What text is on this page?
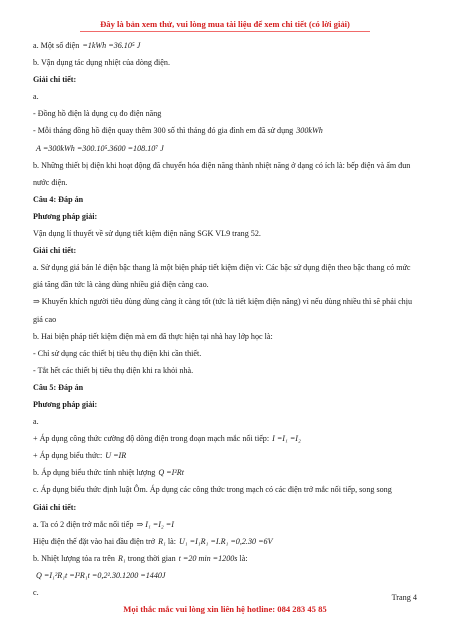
Đây là bản xem thử, vui lòng mua tài liệu để xem chi tiết (có lời giải)
a. Một số điện =1kWh =36.10⁵ J
b. Vận dụng tác dụng nhiệt của dòng điện.
Giải chi tiết:
a.
- Đồng hồ điện là dụng cụ đo điện năng
- Mỗi tháng đồng hồ điện quay thêm 300 số thì tháng đó gia đình em đã sử dụng 300kWh
A =300kWh =300.10⁵.3600 =108.10⁷ J
b. Những thiết bị điện khi hoạt động đã chuyển hóa điện năng thành nhiệt năng ở dạng có ích là: bếp điện và ấm đun nước điện.
Câu 4: Đáp án
Phương pháp giải:
Vận dụng lí thuyết về sử dụng tiết kiệm điện năng SGK VL9 trang 52.
Giải chi tiết:
a. Sử dụng giá bán lẻ điện bậc thang là một biện pháp tiết kiệm điện vì: Các bậc sử dụng điện theo bậc thang có mức giá tăng dần tức là càng dùng nhiều giá điện càng cao.
⇒ Khuyến khích người tiêu dùng dùng càng ít càng tốt (tức là tiết kiệm điện năng) vì nếu dùng nhiều thì sẽ phải chịu giá cao
b. Hai biện pháp tiết kiệm điện mà em đã thực hiện tại nhà hay lớp học là:
- Chỉ sử dụng các thiết bị tiêu thụ điện khi cần thiết.
- Tắt hết các thiết bị tiêu thụ điện khi ra khỏi nhà.
Câu 5: Đáp án
Phương pháp giải:
a.
+ Áp dụng công thức cường độ dòng điện trong đoạn mạch mắc nối tiếp: I =I₁ =I₂
+ Áp dụng biểu thức: U =IR
b. Áp dụng biểu thức tính nhiệt lượng Q =I²Rt
c. Áp dụng biểu thức định luật Ôm. Áp dụng các công thức trong mạch có các điện trở mắc nối tiếp, song song
Giải chi tiết:
a. Ta có 2 điện trở mắc nối tiếp ⇒ I₁ =I₂ =I
Hiệu điện thế đặt vào hai đầu điện trở R₁ là: U₁ =I₁R₁ =I.R₁ =0,2.30 =6V
b. Nhiệt lượng tỏa ra trên R₁ trong thời gian t =20 min =1200s là:
Q =I₁²R₁t =I²R₁t =0,2².30.1200 =1440J
c.
Trang 4
Mọi thắc mắc vui lòng xin liên hệ hotline: 084 283 45 85
